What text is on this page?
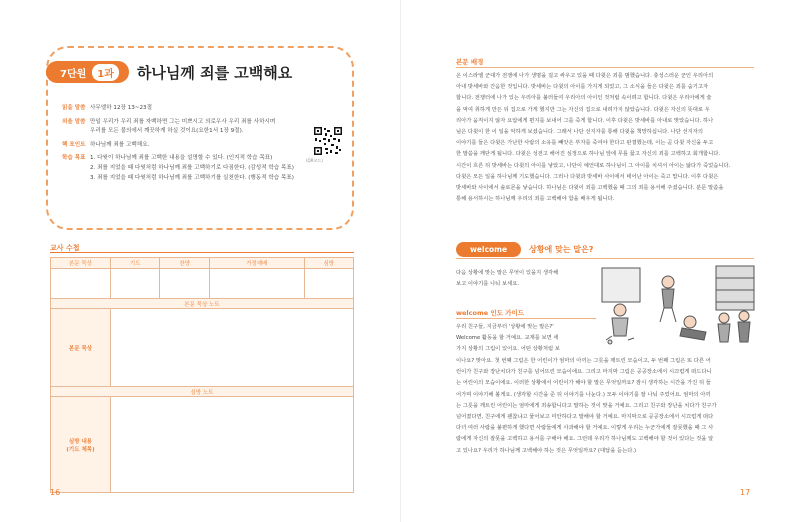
7단원	1과	하나님께 죄를 고백해요
읽을 말씀 사무엘하 12장 13~23절
외울 말씀 만일 우리가 우리 죄를 자백하면 그는 미쁘시고 의로우사 우리 죄를 사하시며
우리를 모든 불의에서 깨끗하게 하실 것이요(요한1서 1장 9절).
핵 포인트 하나님께 죄를 고백해요.
학습 목표 1. 다윗이 하나님께 죄를 고백한 내용을 설명할 수 있다. (인지적 학습 목표)
2. 죄를 지었을 때 다윗처럼 하나님께 죄를 고백하기로 다짐한다. (감성적 학습 목표)
3. 죄를 지었을 때 다윗처럼 하나님께 죄를 고백하기를 실천한다. (행동적 학습 목표)
(QR코드)
교사 수첩
본문 묵상	기도	찬양	가정예배	심방

본문 묵상 노트				
본문 묵상				
심방 노트				
심방 내용
(기도 제목)				
16
본문 배경
온 이스라엘 군대가 전쟁에 나가 생명을 걸고 싸우고 있을 때 다윗은 죄를 범했습니다. 충성스러운 군인 우리아의
아내 밧세바와 간음한 것입니다. 밧세바는 다윗의 아이를 가지게 되었고, 그 소식을 들은 다윗은 죄를 숨기고자
합니다. 전쟁터에 나가 있는 우리아를 불러들여 우리아의 아이인 것처럼 속이려고 합니다. 다윗은 우리아에게 술
을 먹여 취하게 만든 뒤 집으로 가게 했지만 그는 자신의 집으로 내려가지 않았습니다. 다윗은 자신의 뜻대로 우
리아가 움직이지 않자 요압에게 편지를 보내어 그를 죽게 합니다. 이후 다윗은 밧세바를 아내로 맞았습니다. 하나
님은 다윗이 한 이 일을 악하게 보셨습니다. 그래서 나단 선지자를 통해 다윗을 책망하십니다. 나단 선지자의
이야기를 들은 다윗은 가난한 사람의 소유를 빼앗은 부자를 죽여야 한다고 판결했는데, 이는 곧 다윗 자신을 두고
한 말씀을 깨닫게 됩니다. 다윗은 성전고 해어진 심정으로 하나님 앞에 무릎 꿇고 자신의 죄를 고백하고 회개합니다.
시간이 흐른 뒤 밧세바는 다윗의 아이를 낳았고, 나단이 예언대로 하나님이 그 아이를 치셔서 아이는 앓다가 죽었습니다.
다윗은 모든 일을 하나님께 기도했습니다. 그러나 다윗과 밧세바 사이에서 태어난 아이는 죽고 맙니다. 이후 다윗은
밧세바와 사이에서 솔로몬을 낳습니다. 하나님은 다윗이 죄를 고백했을 때 그의 죄를 용서해 주셨습니다. 분문 말씀을
통해 용서하시는 하나님께 우리의 죄를 고백해야 함을 배우게 됩니다.
welcome	상황에 맞는 말은?
다음 상황에 맞는 말은 무엇이 있을지 생각해
보고 이야기를 나눠 보세요.
welcome 인도 가이드
우리 친구들, 지금부터 '상황에 맞는 말은?'
Welcome 활동을 할 거예요. 교재를 보면 세
가지 상황의 그림이 있어요. 어떤 상황처럼 보
이나요? 맞아요. 첫 번째 그림은 한 어린이가 엄마의 아끼는 그릇을 깨트린 모습이고, 두 번째 그림은 또 다른 어
린이가 친구와 장난치다가 친구를 넘어뜨린 모습이에요. 그리고 마지막 그림은 공공장소에서 시끄럽게 떠드다니
는 어린이의 모습이에요. 이러한 상황에서 어린이가 해야 할 말은 무엇일까요? 잠시 생각하는 시간을 가진 뒤 들
어가며 이야기해 볼게요. (생각할 시간을 준 뒤 이야기를 나눈다.) 모두 이야기를 잘 나눠 주었어요. 엄마의 아끼
는 그릇을 깨트린 어린이는 엄마에게 죄송합니다고 말하는 것이 맞을 거예요. 그리고 친구와 장난을 치다가 친구가
넘어졌다면, 친구에게 괜찮냐고 물어보고 미안하다고 말해야 할 거예요. 마지막으로 공공장소에서 시끄럽게 떠다
다녀 여러 사람을 불편하게 했다면 사람들에게 사과해야 할 거예요. 이렇게 우리는 누군가에게 잘못했을 때 그 사
람에게 자신의 잘못을 고백하고 용서를 구해야 해요. 그런데 우리가 하나님께도 고백해야 할 것이 있다는 것을 알
고 있나요? 우리가 하나님께 고백해야 하는 것은 무엇일까요? (대답을 듣는다.)
17
